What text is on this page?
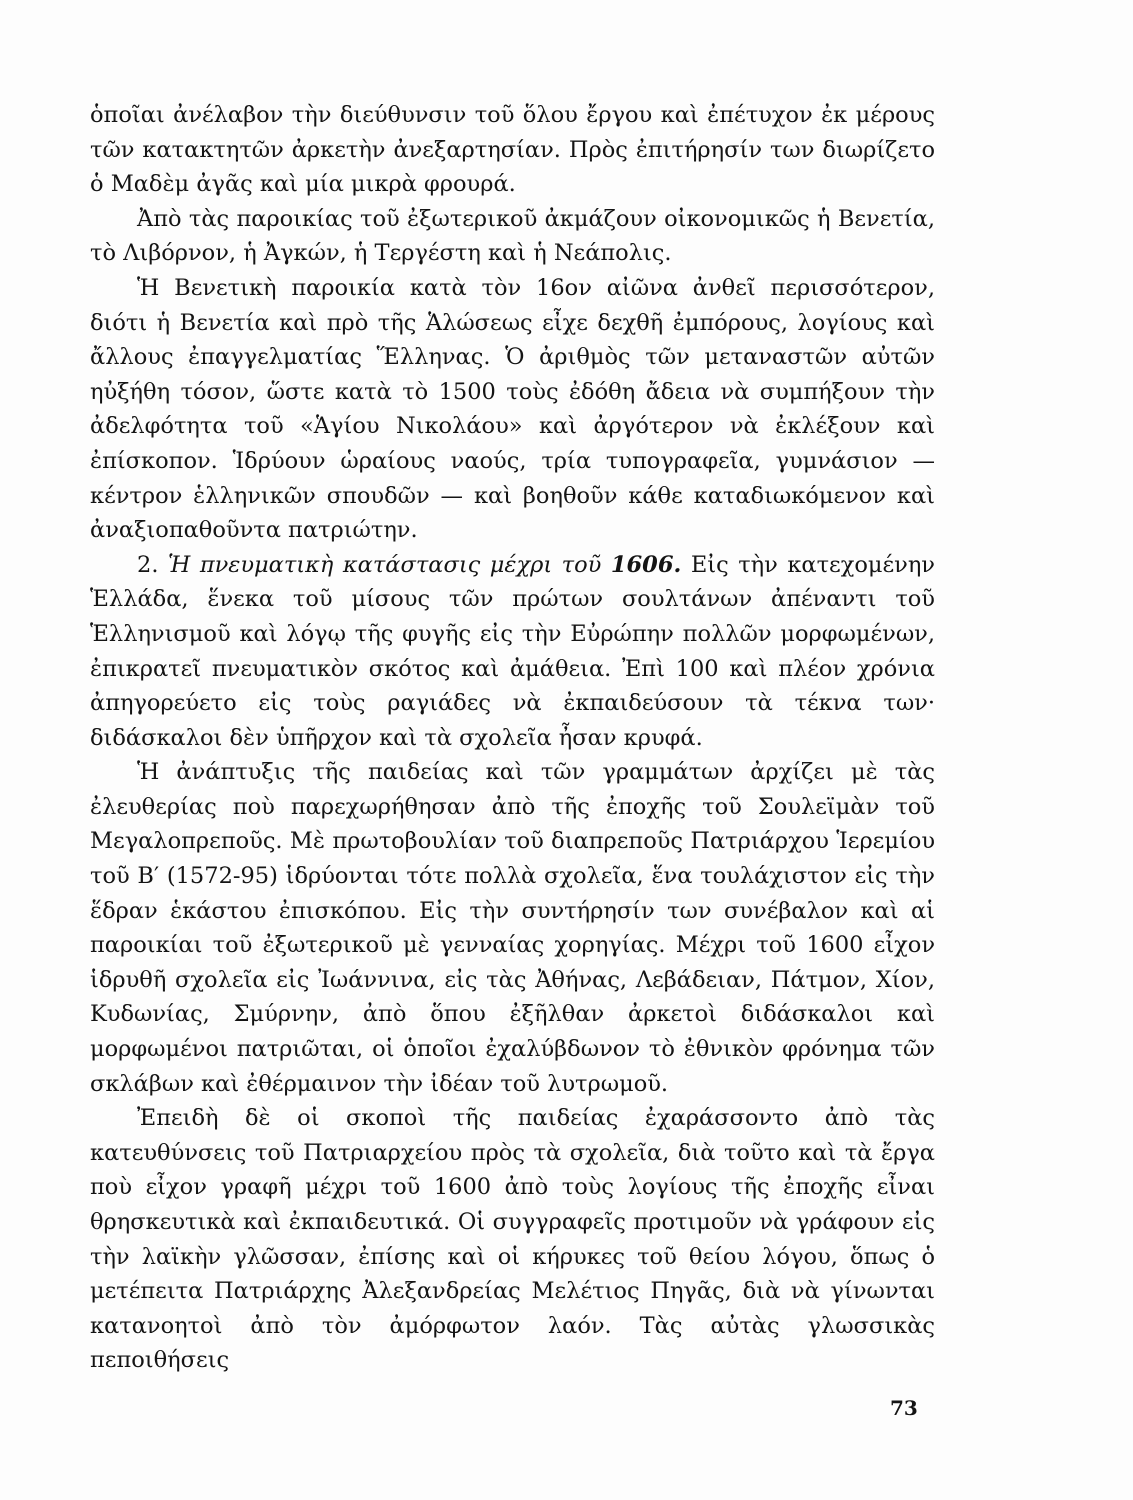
ὁποῖαι ἀνέλαβον τὴν διεύθυνσιν τοῦ ὅλου ἔργου καὶ ἐπέτυχον ἐκ μέρους τῶν κατακτητῶν ἀρκετὴν ἀνεξαρτησίαν. Πρὸς ἐπιτήρησίν των διωρίζετο ὁ Μαδὲμ ἀγᾶς καὶ μία μικρὰ φρουρά.

Ἀπὸ τὰς παροικίας τοῦ ἐξωτερικοῦ ἀκμάζουν οἰκονομικῶς ἡ Βενετία, τὸ Λιβόρνον, ἡ Ἀγκών, ἡ Τεργέστη καὶ ἡ Νεάπολις.

Ἡ Βενετικὴ παροικία κατὰ τὸν 16ον αἰῶνα ἀνθεῖ περισσότερον, διότι ἡ Βενετία καὶ πρὸ τῆς Ἁλώσεως εἶχε δεχθῆ ἐμπόρους, λογίους καὶ ἄλλους ἐπαγγελματίας Ἕλληνας. Ὁ ἀριθμὸς τῶν μεταναστῶν αὐτῶν ηὐξήθη τόσον, ὥστε κατὰ τὸ 1500 τοὺς ἐδόθη ἄδεια νὰ συμπήξουν τὴν ἀδελφότητα τοῦ «Ἁγίου Νικολάου» καὶ ἀργότερον νὰ ἐκλέξουν καὶ ἐπίσκοπον. Ἱδρύουν ὡραίους ναούς, τρία τυπογραφεῖα, γυμνάσιον — κέντρον ἑλληνικῶν σπουδῶν — καὶ βοηθοῦν κάθε καταδιωκόμενον καὶ ἀναξιοπαθοῦντα πατριώτην.

2. Ἡ πνευματικὴ κατάστασις μέχρι τοῦ 1606. Εἰς τὴν κατεχομένην Ἑλλάδα, ἕνεκα τοῦ μίσους τῶν πρώτων σουλτάνων ἀπέναντι τοῦ Ἑλληνισμοῦ καὶ λόγῳ τῆς φυγῆς εἰς τὴν Εὐρώπην πολλῶν μορφωμένων, ἐπικρατεῖ πνευματικὸν σκότος καὶ ἀμάθεια. Ἐπὶ 100 καὶ πλέον χρόνια ἀπηγορεύετο εἰς τοὺς ραγιάδες νὰ ἐκπαιδεύσουν τὰ τέκνα των· διδάσκαλοι δὲν ὑπῆρχον καὶ τὰ σχολεῖα ἦσαν κρυφά.

Ἡ ἀνάπτυξις τῆς παιδείας καὶ τῶν γραμμάτων ἀρχίζει μὲ τὰς ἐλευθερίας ποὺ παρεχωρήθησαν ἀπὸ τῆς ἐποχῆς τοῦ Σουλεϊμὰν τοῦ Μεγαλοπρεποῦς. Μὲ πρωτοβουλίαν τοῦ διαπρεποῦς Πατριάρχου Ἱερεμίου τοῦ Β′ (1572-95) ἱδρύονται τότε πολλὰ σχολεῖα, ἕνα τουλάχιστον εἰς τὴν ἕδραν ἑκάστου ἐπισκόπου. Εἰς τὴν συντήρησίν των συνέβαλον καὶ αἱ παροικίαι τοῦ ἐξωτερικοῦ μὲ γενναίας χορηγίας. Μέχρι τοῦ 1600 εἶχον ἱδρυθῆ σχολεῖα εἰς Ἰωάννινα, εἰς τὰς Ἀθήνας, Λεβάδειαν, Πάτμον, Χίον, Κυδωνίας, Σμύρνην, ἀπὸ ὅπου ἐξῆλθαν ἀρκετοὶ διδάσκαλοι καὶ μορφωμένοι πατριῶται, οἱ ὁποῖοι ἐχαλύβδωνον τὸ ἐθνικὸν φρόνημα τῶν σκλάβων καὶ ἐθέρμαινον τὴν ἰδέαν τοῦ λυτρωμοῦ.

Ἐπειδὴ δὲ οἱ σκοποὶ τῆς παιδείας ἐχαράσσοντο ἀπὸ τὰς κατευθύνσεις τοῦ Πατριαρχείου πρὸς τὰ σχολεῖα, διὰ τοῦτο καὶ τὰ ἔργα ποὺ εἶχον γραφῆ μέχρι τοῦ 1600 ἀπὸ τοὺς λογίους τῆς ἐποχῆς εἶναι θρησκευτικὰ καὶ ἐκπαιδευτικά. Οἱ συγγραφεῖς προτιμοῦν νὰ γράφουν εἰς τὴν λαϊκὴν γλῶσσαν, ἐπίσης καὶ οἱ κήρυκες τοῦ θείου λόγου, ὅπως ὁ μετέπειτα Πατριάρχης Ἀλεξανδρείας Μελέτιος Πηγᾶς, διὰ νὰ γίνωνται κατανοητοὶ ἀπὸ τὸν ἀμόρφωτον λαόν. Τὰς αὐτὰς γλωσσικὰς πεποιθήσεις

73
